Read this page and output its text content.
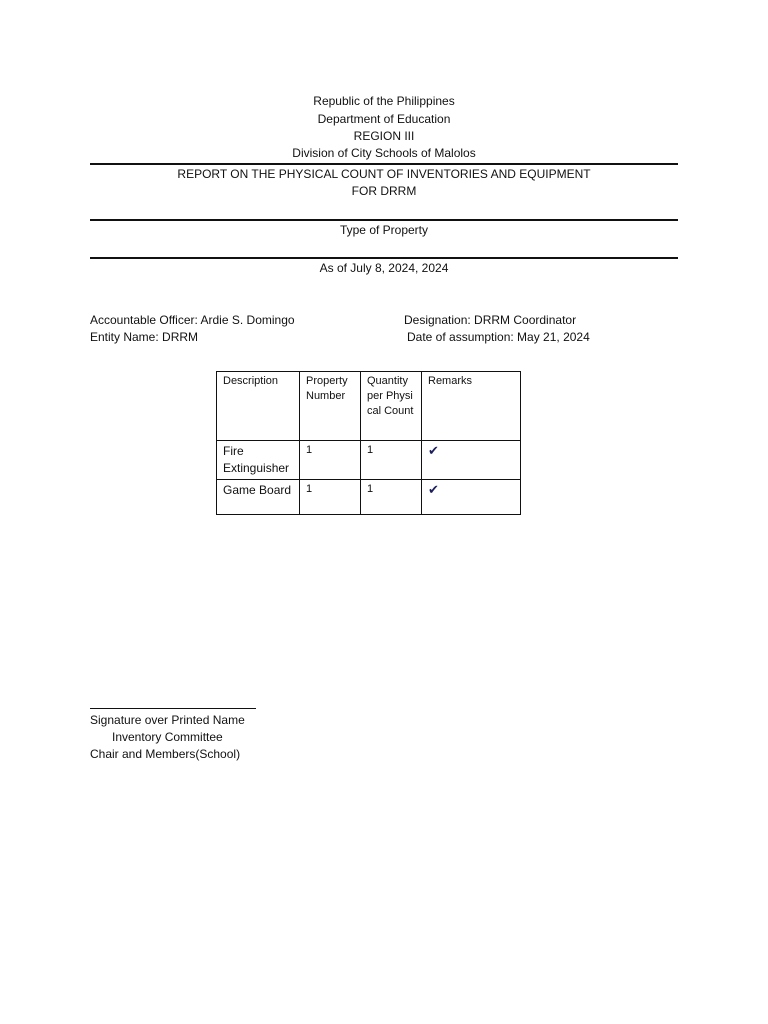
Republic of the Philippines
Department of Education
REGION III
Division of City Schools of Malolos
REPORT ON THE PHYSICAL COUNT OF INVENTORIES AND EQUIPMENT
FOR DRRM
Type of Property
As of July 8, 2024, 2024
Accountable Officer: Ardie S. Domingo	Designation: DRRM Coordinator
Entity Name: DRRM	Date of assumption: May 21, 2024
Description	Property Number	Quantity per Physi cal Count	Remarks
Fire Extinguisher	1	1	✔
Game Board	1	1	✔
Signature over Printed Name
Inventory Committee
Chair and Members(School)
